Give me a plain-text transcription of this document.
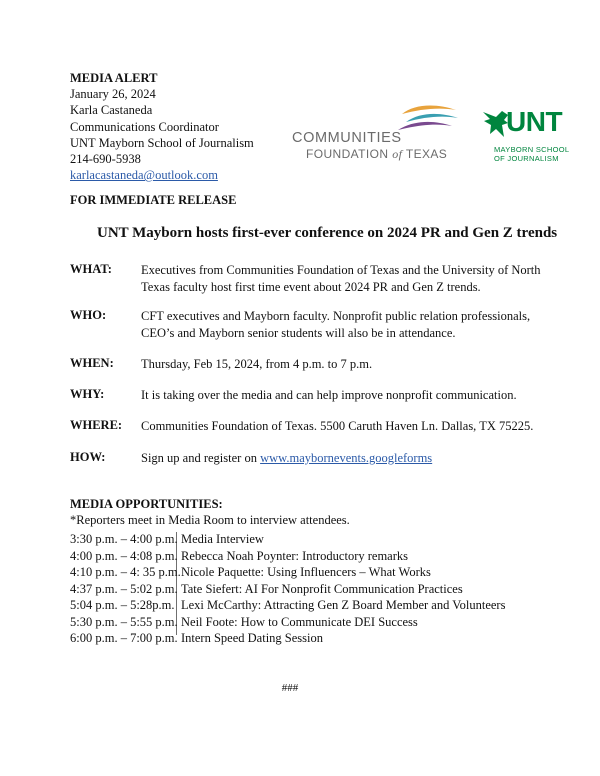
MEDIA ALERT
January 26, 2024
Karla Castaneda
Communications Coordinator
UNT Mayborn School of Journalism
214-690-5938
karlacastaneda@outlook.com
COMMUNITIES
FOUNDATION of TEXAS
UNT
MAYBORN SCHOOL
OF JOURNALISM
FOR IMMEDIATE RELEASE
UNT Mayborn hosts first-ever conference on 2024 PR and Gen Z trends
WHAT: Executives from Communities Foundation of Texas and the University of North Texas faculty host first time event about 2024 PR and Gen Z trends.
WHO:	CFT executives and Mayborn faculty. Nonprofit public relation professionals, CEO’s and Mayborn senior students will also be in attendance.
WHEN: Thursday, Feb 15, 2024, from 4 p.m. to 7 p.m.
WHY:	It is taking over the media and can help improve nonprofit communication.
WHERE: Communities Foundation of Texas. 5500 Caruth Haven Ln. Dallas, TX 75225.
HOW:	Sign up and register on www.maybornevents.googleforms
MEDIA OPPORTUNITIES:
*Reporters meet in Media Room to interview attendees.
3:30 p.m. – 4:00 p.m. Media Interview
4:00 p.m. – 4:08 p.m. Rebecca Noah Poynter: Introductory remarks
4:10 p.m. – 4: 35 p.m. Nicole Paquette: Using Influencers – What Works
4:37 p.m. – 5:02 p.m. Tate Siefert: AI For Nonprofit Communication Practices
5:04 p.m. – 5:28p.m. Lexi McCarthy: Attracting Gen Z Board Member and Volunteers
5:30 p.m. – 5:55 p.m. Neil Foote: How to Communicate DEI Success
6:00 p.m. – 7:00 p.m. Intern Speed Dating Session
###
